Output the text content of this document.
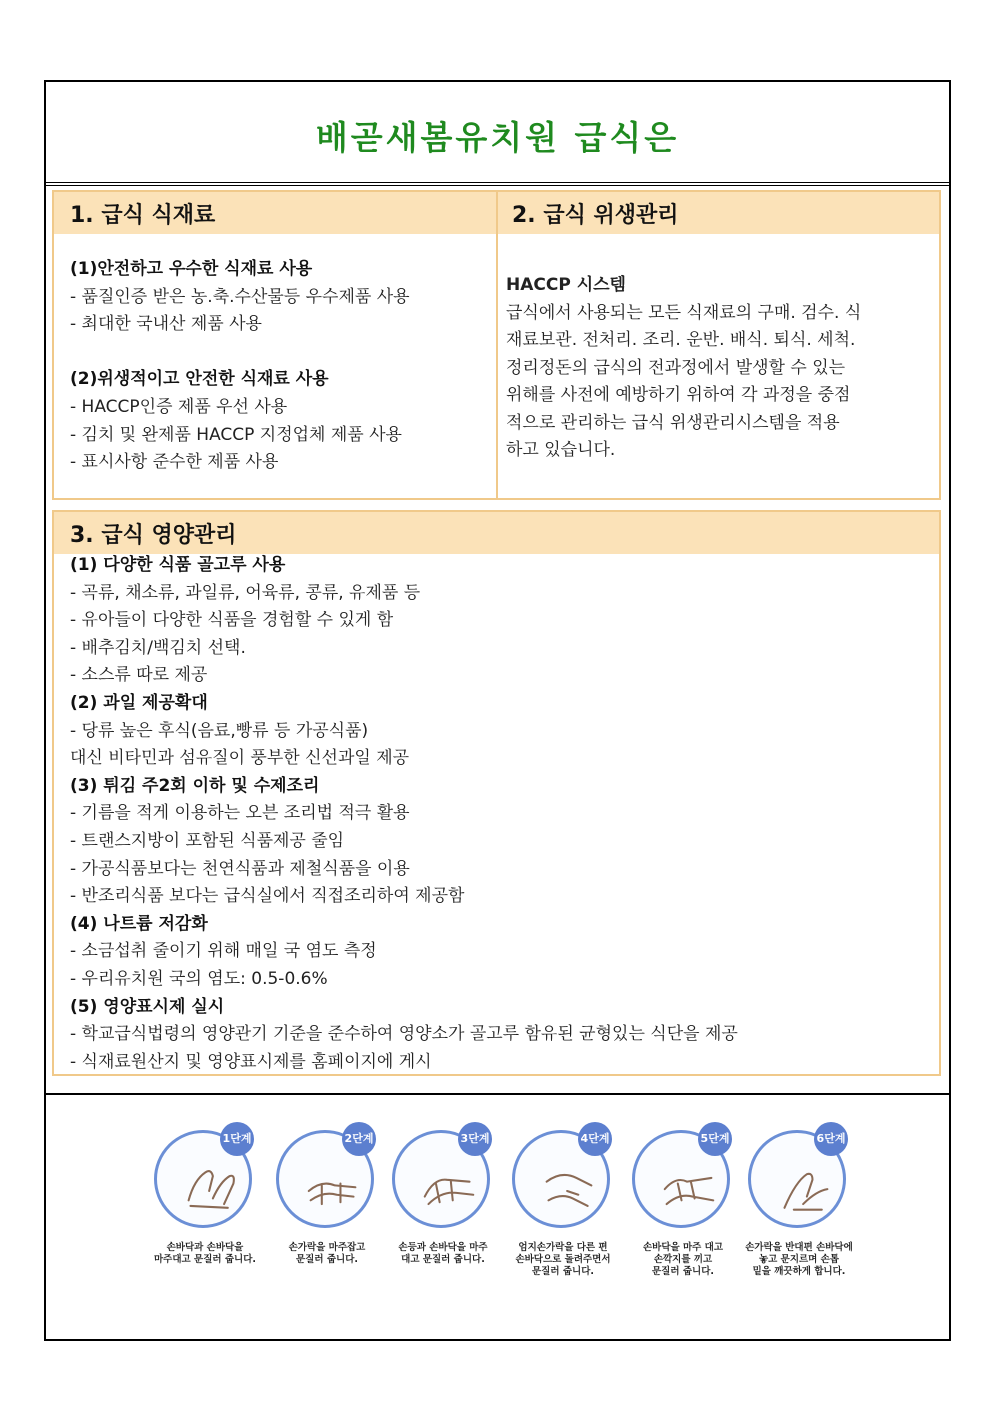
배곧새봄유치원 급식은
1. 급식 식재료	2. 급식 위생관리
(1)안전하고 우수한 식재료 사용
- 품질인증 받은 농.축.수산물등 우수제품 사용
- 최대한 국내산 제품 사용

(2)위생적이고 안전한 식재료 사용
- HACCP인증 제품 우선 사용
- 김치 및 완제품 HACCP 지정업체 제품 사용
- 표시사항 준수한 제품 사용
HACCP 시스템
급식에서 사용되는 모든 식재료의 구매. 검수. 식
재료보관. 전처리. 조리. 운반. 배식. 퇴식. 세척.
정리정돈의 급식의 전과정에서 발생할 수 있는
위해를 사전에 예방하기 위하여 각 과정을 중점
적으로 관리하는 급식 위생관리시스템을 적용
하고 있습니다.
3. 급식 영양관리
(1) 다양한 식품 골고루 사용
- 곡류, 채소류, 과일류, 어육류, 콩류, 유제품 등
- 유아들이 다양한 식품을 경험할 수 있게 함
- 배추김치/백김치 선택.
- 소스류 따로 제공
(2) 과일 제공확대
- 당류 높은 후식(음료,빵류 등 가공식품)
대신 비타민과 섬유질이 풍부한 신선과일 제공
(3) 튀김 주2회 이하 및 수제조리
- 기름을 적게 이용하는 오븐 조리법 적극 활용
- 트랜스지방이 포함된 식품제공 줄임
- 가공식품보다는 천연식품과 제철식품을 이용
- 반조리식품 보다는 급식실에서 직접조리하여 제공함
(4) 나트륨 저감화
- 소금섭취 줄이기 위해 매일 국 염도 측정
- 우리유치원 국의 염도: 0.5-0.6%
(5) 영양표시제 실시
- 학교급식법령의 영양관기 기준을 준수하여 영양소가 골고루 함유된 균형있는 식단을 제공
- 식재료원산지 및 영양표시제를 홈페이지에 게시
1단계
손바닥과 손바닥을
마주대고 문질러 줍니다.
2단계
손가락을 마주잡고
문질러 줍니다.
3단계
손등과 손바닥을 마주
대고 문질러 줍니다.
4단계
엄지손가락을 다른 편
손바닥으로 돌려주면서
문질러 줍니다.
5단계
손바닥을 마주 대고
손깍지를 끼고
문질러 줍니다.
6단계
손가락을 반대편 손바닥에
놓고 문지르며 손톱
밑을 깨끗하게 합니다.
